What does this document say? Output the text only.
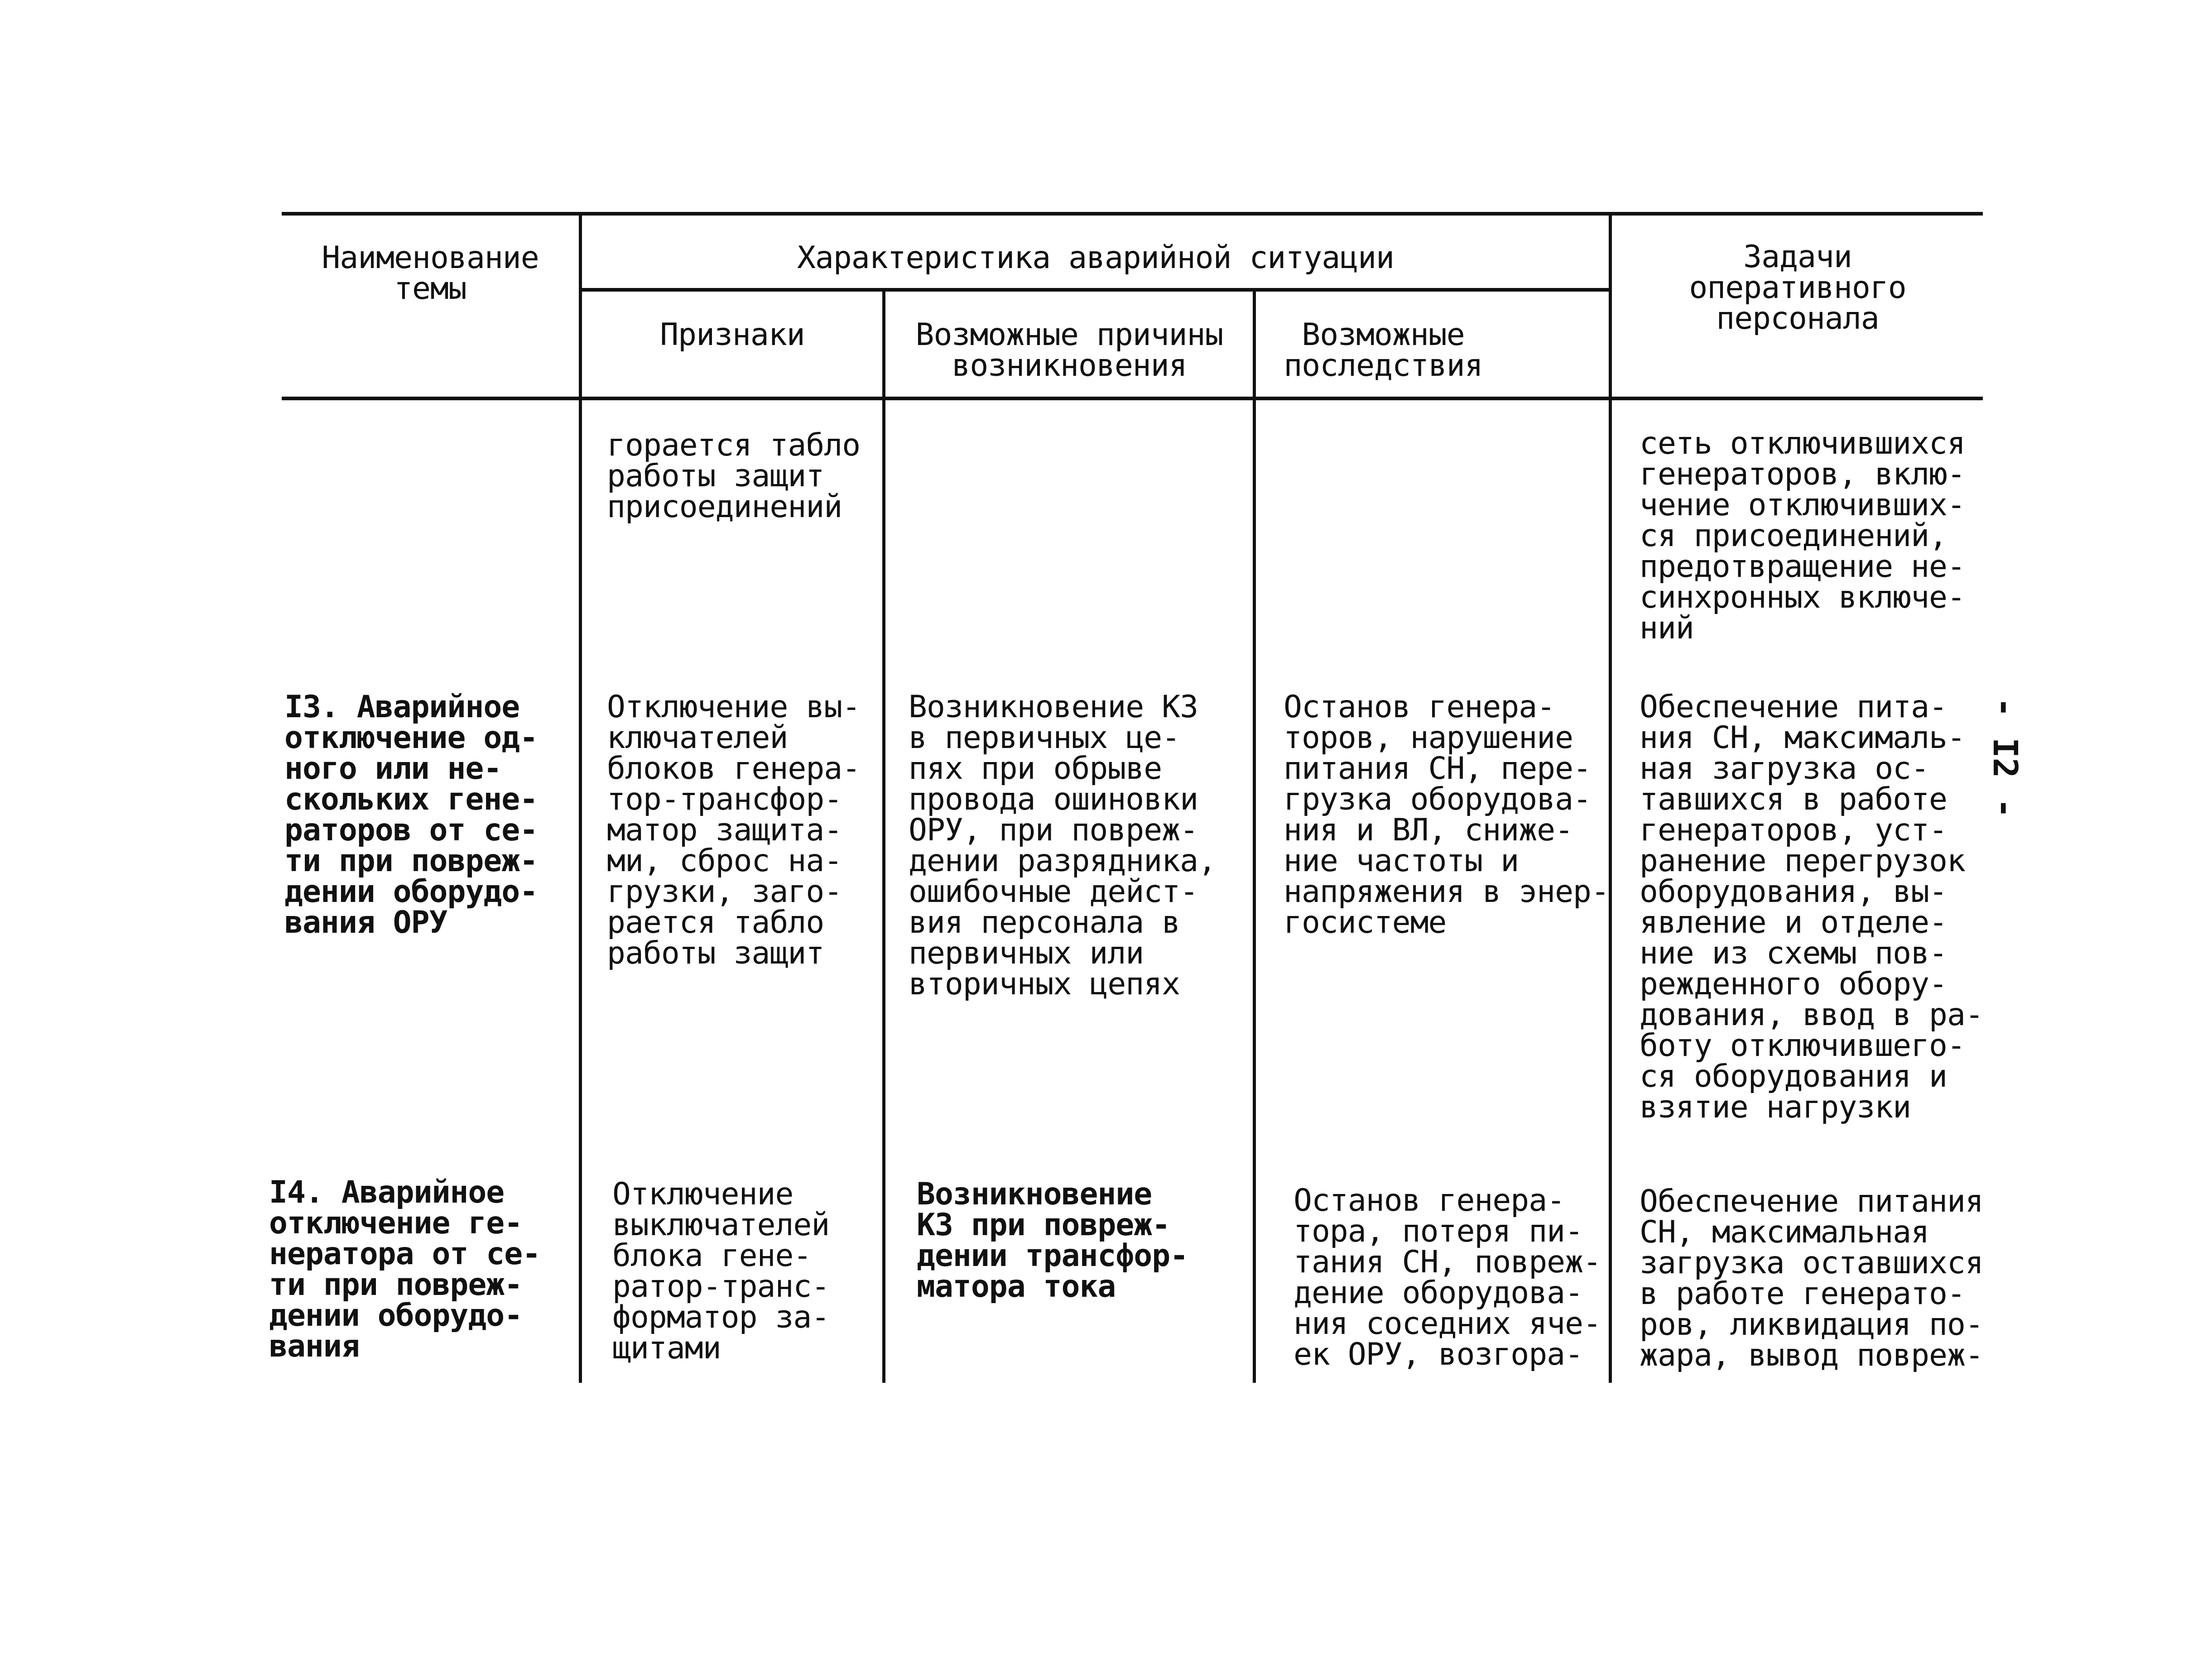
Наименование
темы
Характеристика аварийной ситуации
Признаки	Возможные причины
возникновения
Возможные
последствия
Задачи
оперативного
персонала
горается табло
работы защит
присоединений
сеть отключившихся
генераторов, вклю-
чение отключивших-
ся присоединений,
предотвращение не-
синхронных включе-
ний
I3. Аварийное
отключение од-
ного или не-
скольких гене-
раторов от се-
ти при повреж-
дении оборудо-
вания ОРУ
Отключение вы-
ключателей
блоков генера-
тор-трансфор-
матор защита-
ми, сброс на-
грузки, заго-
рается табло
работы защит
Возникновение КЗ
в первичных це-
пях при обрыве
провода ошиновки
ОРУ, при повреж-
дении разрядника,
ошибочные дейст-
вия персонала в
первичных или
вторичных цепях
Останов генера-
торов, нарушение
питания СН, пере-
грузка оборудова-
ния и ВЛ, сниже-
ние частоты и
напряжения в энер-
госистеме
Обеспечение пита-
ния СН, максималь-
ная загрузка ос-
тавшихся в работе
генераторов, уст-
ранение перегрузок
оборудования, вы-
явление и отделе-
ние из схемы пов-
режденного обору-
дования, ввод в ра-
боту отключившего-
ся оборудования и
взятие нагрузки
I4. Аварийное
отключение ге-
нератора от се-
ти при повреж-
дении оборудо-
вания
Отключение
выключателей
блока гене-
ратор-транс-
форматор за-
щитами
Возникновение
КЗ при повреж-
дении трансфор-
матора тока
Останов генера-
тора, потеря пи-
тания СН, повреж-
дение оборудова-
ния соседних яче-
ек ОРУ, возгора-
Обеспечение питания
СН, максимальная
загрузка оставшихся
в работе генерато-
ров, ликвидация по-
жара, вывод повреж-
- I2 -
